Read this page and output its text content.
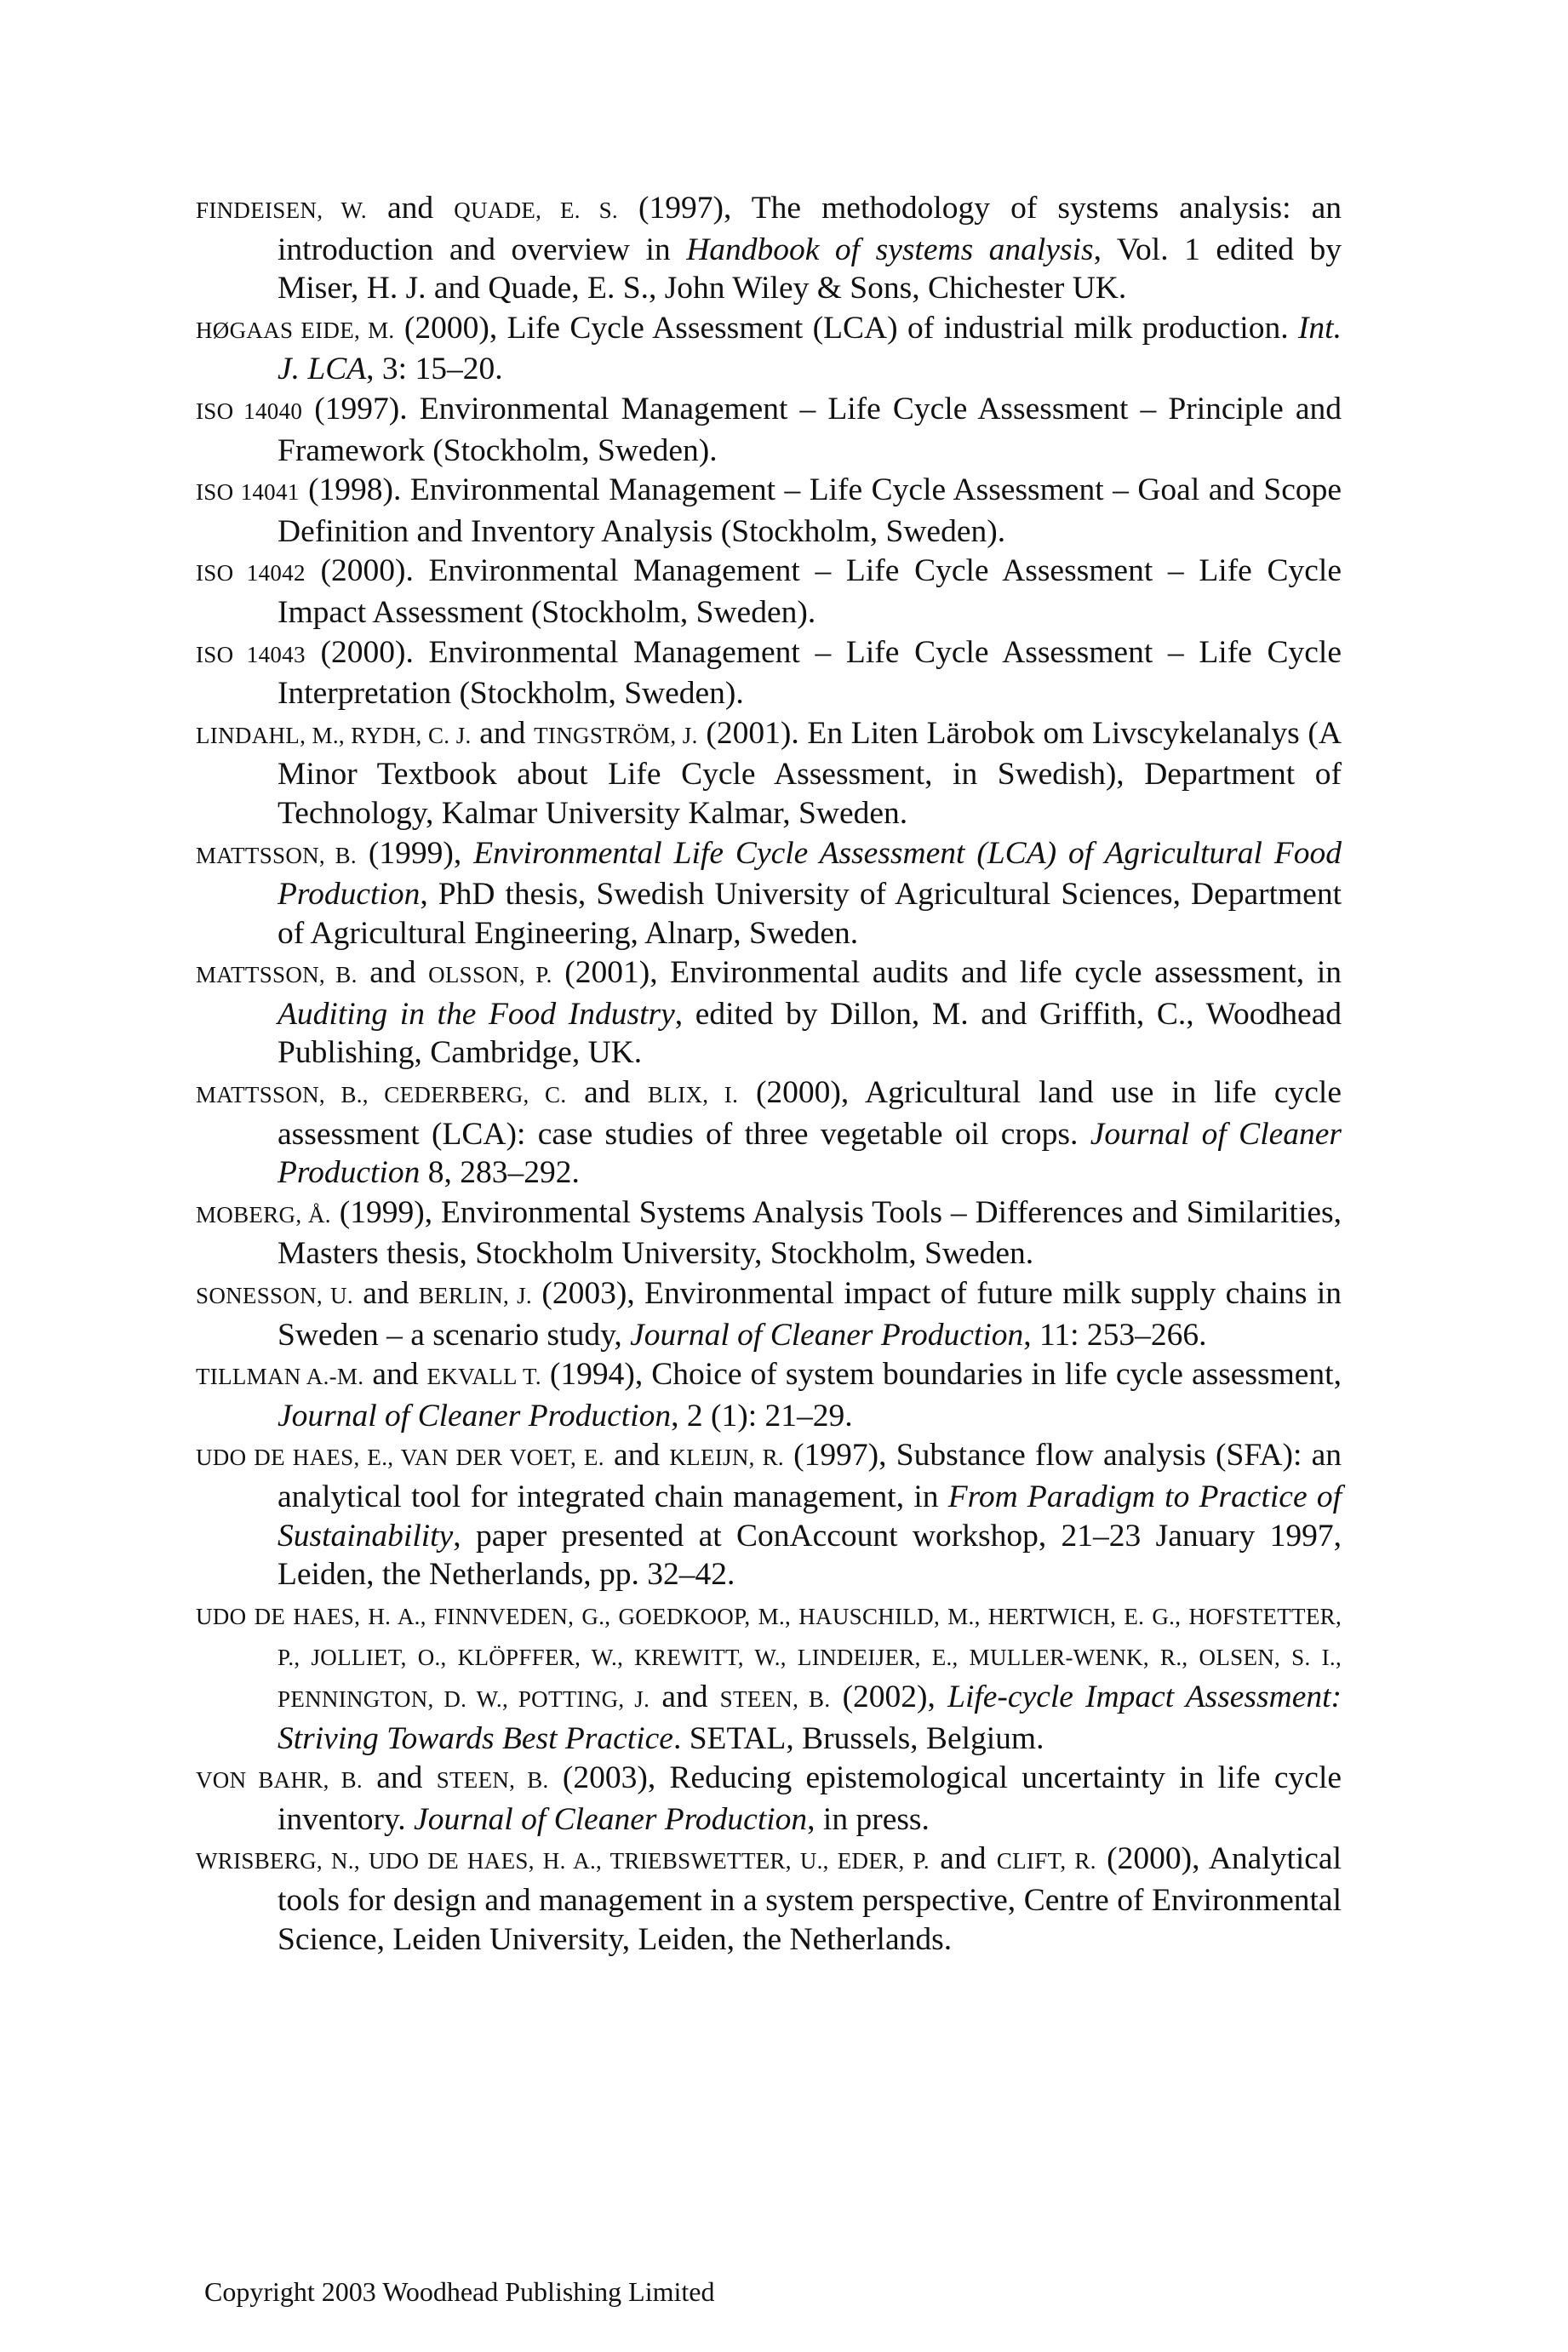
FINDEISEN, W. and QUADE, E. S. (1997), The methodology of systems analysis: an introduction and overview in Handbook of systems analysis, Vol. 1 edited by Miser, H. J. and Quade, E. S., John Wiley & Sons, Chichester UK.
HØGAAS EIDE, M. (2000), Life Cycle Assessment (LCA) of industrial milk production. Int. J. LCA, 3: 15–20.
ISO 14040 (1997). Environmental Management – Life Cycle Assessment – Principle and Framework (Stockholm, Sweden).
ISO 14041 (1998). Environmental Management – Life Cycle Assessment – Goal and Scope Definition and Inventory Analysis (Stockholm, Sweden).
ISO 14042 (2000). Environmental Management – Life Cycle Assessment – Life Cycle Impact Assessment (Stockholm, Sweden).
ISO 14043 (2000). Environmental Management – Life Cycle Assessment – Life Cycle Interpretation (Stockholm, Sweden).
LINDAHL, M., RYDH, C. J. and TINGSTRÖM, J. (2001). En Liten Lärobok om Livscykelanalys (A Minor Textbook about Life Cycle Assessment, in Swedish), Department of Technology, Kalmar University Kalmar, Sweden.
MATTSSON, B. (1999), Environmental Life Cycle Assessment (LCA) of Agricultural Food Production, PhD thesis, Swedish University of Agricultural Sciences, Department of Agricultural Engineering, Alnarp, Sweden.
MATTSSON, B. and OLSSON, P. (2001), Environmental audits and life cycle assessment, in Auditing in the Food Industry, edited by Dillon, M. and Griffith, C., Woodhead Publishing, Cambridge, UK.
MATTSSON, B., CEDERBERG, C. and BLIX, I. (2000), Agricultural land use in life cycle assessment (LCA): case studies of three vegetable oil crops. Journal of Cleaner Production 8, 283–292.
MOBERG, Å. (1999), Environmental Systems Analysis Tools – Differences and Similarities, Masters thesis, Stockholm University, Stockholm, Sweden.
SONESSON, U. and BERLIN, J. (2003), Environmental impact of future milk supply chains in Sweden – a scenario study, Journal of Cleaner Production, 11: 253–266.
TILLMAN A.-M. and EKVALL T. (1994), Choice of system boundaries in life cycle assessment, Journal of Cleaner Production, 2 (1): 21–29.
UDO DE HAES, E., VAN DER VOET, E. and KLEIJN, R. (1997), Substance flow analysis (SFA): an analytical tool for integrated chain management, in From Paradigm to Practice of Sustainability, paper presented at ConAccount workshop, 21–23 January 1997, Leiden, the Netherlands, pp. 32–42.
UDO DE HAES, H. A., FINNVEDEN, G., GOEDKOOP, M., HAUSCHILD, M., HERTWICH, E. G., HOFSTETTER, P., JOLLIET, O., KLÖPFFER, W., KREWITT, W., LINDEIJER, E., MULLER-WENK, R., OLSEN, S. I., PENNINGTON, D. W., POTTING, J. and STEEN, B. (2002), Life-cycle Impact Assessment: Striving Towards Best Practice. SETAL, Brussels, Belgium.
VON BAHR, B. and STEEN, B. (2003), Reducing epistemological uncertainty in life cycle inventory. Journal of Cleaner Production, in press.
WRISBERG, N., UDO DE HAES, H. A., TRIEBSWETTER, U., EDER, P. and CLIFT, R. (2000), Analytical tools for design and management in a system perspective, Centre of Environmental Science, Leiden University, Leiden, the Netherlands.
Copyright 2003 Woodhead Publishing Limited
